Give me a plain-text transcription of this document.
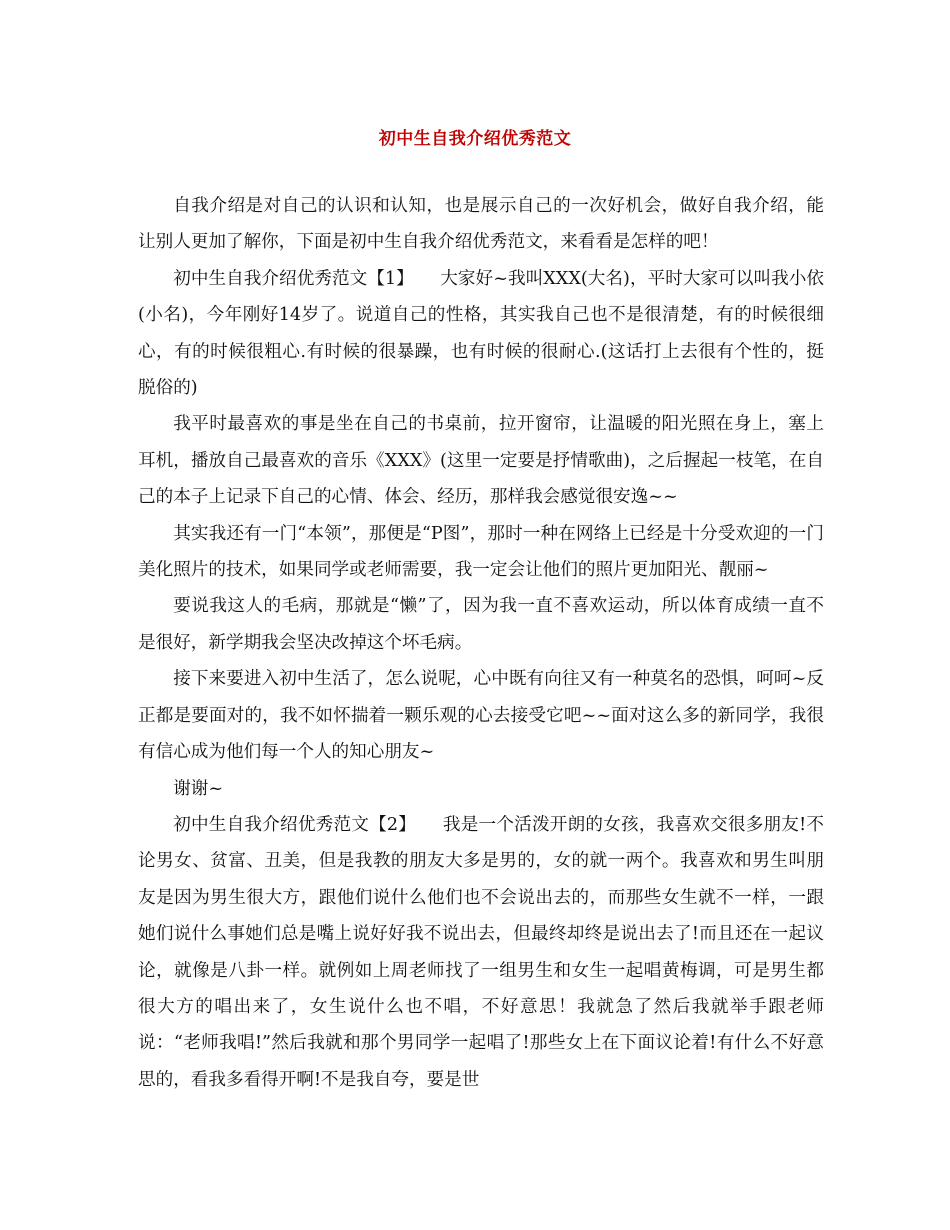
初中生自我介绍优秀范文

自我介绍是对自己的认识和认知，也是展示自己的一次好机会，做好自我介绍，能让别人更加了解你，下面是初中生自我介绍优秀范文，来看看是怎样的吧！

初中生自我介绍优秀范文【1】　　大家好~我叫XXX(大名)，平时大家可以叫我小依(小名)，今年刚好14岁了。说道自己的性格，其实我自己也不是很清楚，有的时候很细心，有的时候很粗心.有时候的很暴躁，也有时候的很耐心.(这话打上去很有个性的，挺脱俗的)

我平时最喜欢的事是坐在自己的书桌前，拉开窗帘，让温暖的阳光照在身上，塞上耳机，播放自己最喜欢的音乐《XXX》(这里一定要是抒情歌曲)，之后握起一枝笔，在自己的本子上记录下自己的心情、体会、经历，那样我会感觉很安逸~~

其实我还有一门“本领”，那便是“P图”，那时一种在网络上已经是十分受欢迎的一门美化照片的技术，如果同学或老师需要，我一定会让他们的照片更加阳光、靓丽~

要说我这人的毛病，那就是“懒”了，因为我一直不喜欢运动，所以体育成绩一直不是很好，新学期我会坚决改掉这个坏毛病。

接下来要进入初中生活了，怎么说呢，心中既有向往又有一种莫名的恐惧，呵呵~反正都是要面对的，我不如怀揣着一颗乐观的心去接受它吧~~面对这么多的新同学，我很有信心成为他们每一个人的知心朋友~

谢谢~

初中生自我介绍优秀范文【2】　　我是一个活泼开朗的女孩，我喜欢交很多朋友!不论男女、贫富、丑美，但是我教的朋友大多是男的，女的就一两个。我喜欢和男生叫朋友是因为男生很大方，跟他们说什么他们也不会说出去的，而那些女生就不一样，一跟她们说什么事她们总是嘴上说好好我不说出去，但最终却终是说出去了!而且还在一起议论，就像是八卦一样。就例如上周老师找了一组男生和女生一起唱黄梅调，可是男生都很大方的唱出来了，女生说什么也不唱，不好意思！我就急了然后我就举手跟老师说：“老师我唱!”然后我就和那个男同学一起唱了!那些女上在下面议论着!有什么不好意思的，看我多看得开啊!不是我自夸，要是世
